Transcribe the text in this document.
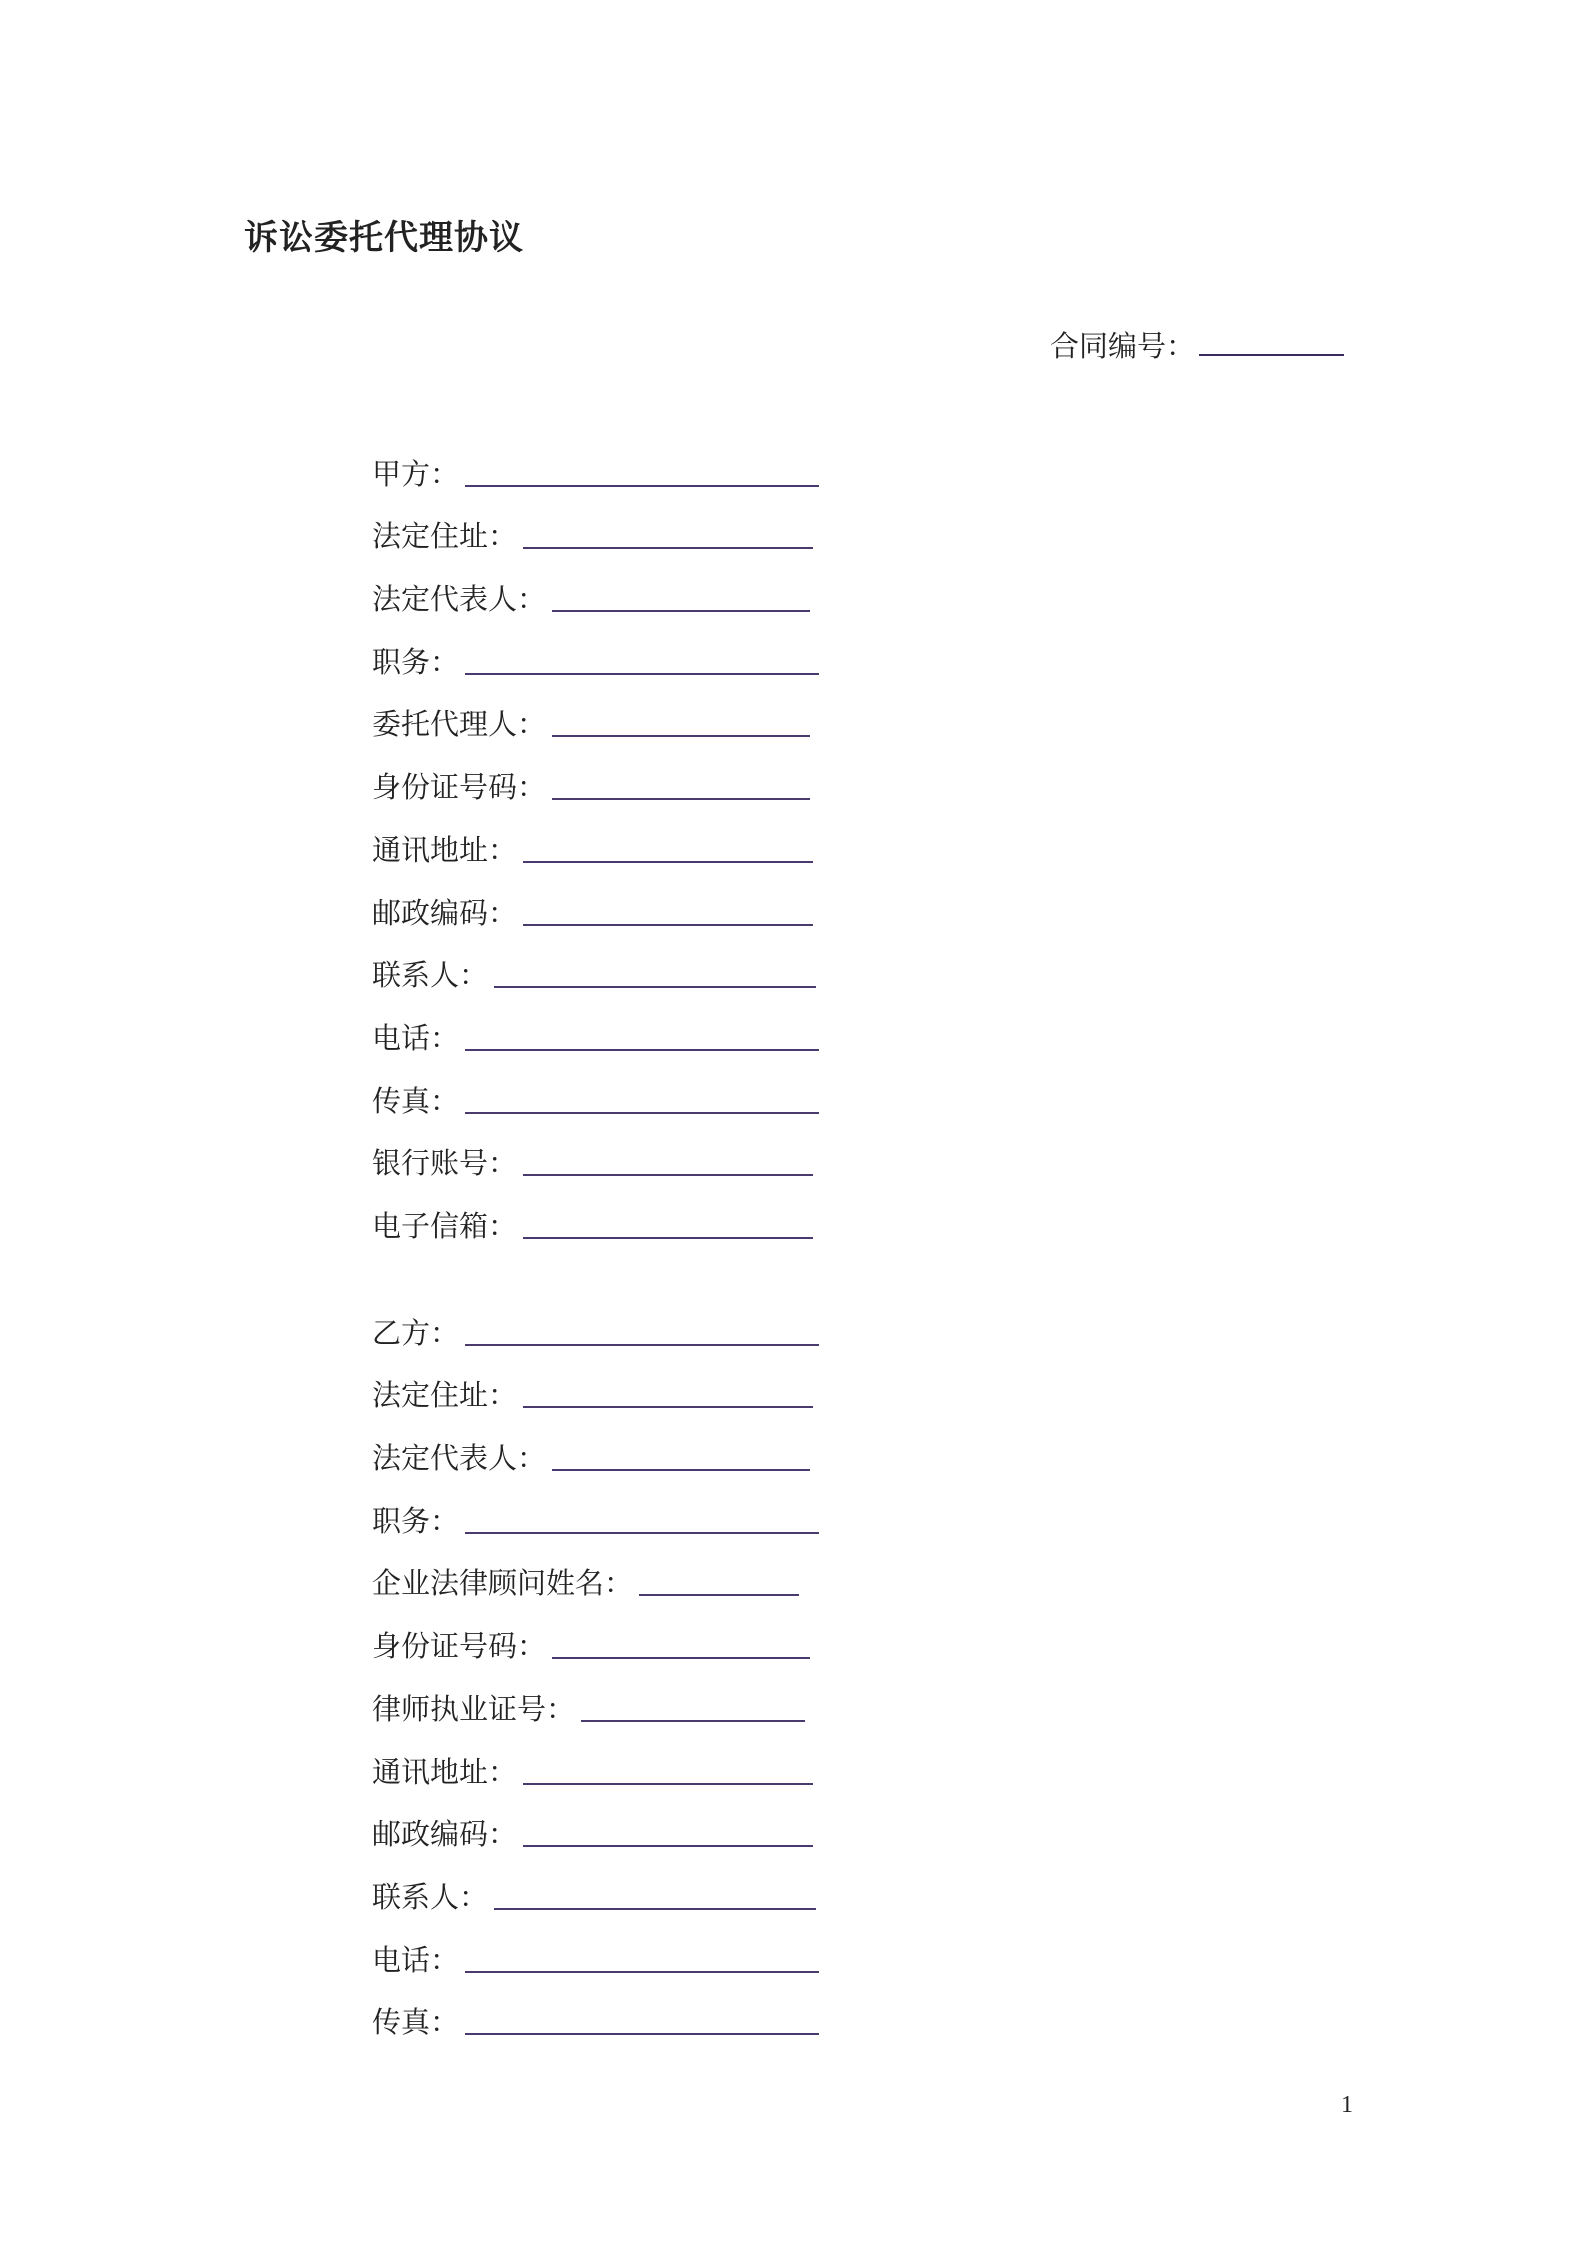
诉讼委托代理协议
合同编号：
甲方：
法定住址：
法定代表人：
职务：
委托代理人：
身份证号码：
通讯地址：
邮政编码：
联系人：
电话：
传真：
银行账号：
电子信箱：
乙方：
法定住址：
法定代表人：
职务：
企业法律顾问姓名：
身份证号码：
律师执业证号：
通讯地址：
邮政编码：
联系人：
电话：
传真：
1
